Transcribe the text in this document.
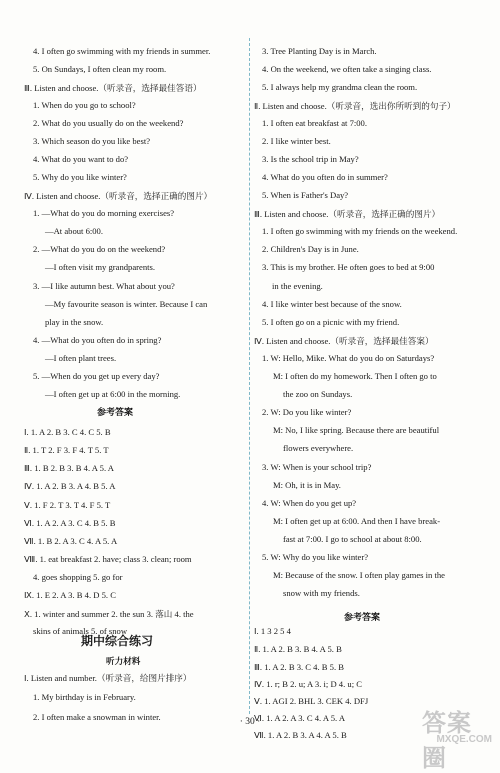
4. I often go swimming with my friends in summer.
5. On Sundays, I often clean my room.
Ⅲ. Listen and choose.（听录音，选择最佳答语）
1. When do you go to school?
2. What do you usually do on the weekend?
3. Which season do you like best?
4. What do you want to do?
5. Why do you like winter?
Ⅳ. Listen and choose.（听录音，选择正确的图片）
1. —What do you do morning exercises?
—At about 6:00.
2. —What do you do on the weekend?
—I often visit my grandparents.
3. —I like autumn best. What about you?
—My favourite season is winter. Because I can
play in the snow.
4. —What do you often do in spring?
—I often plant trees.
5. —When do you get up every day?
—I often get up at 6:00 in the morning.
Ⅰ. 1. A 2. B 3. C 4. C 5. B
Ⅱ. 1. T 2. F 3. F 4. T 5. T
Ⅲ. 1. B 2. B 3. B 4. A 5. A
Ⅳ. 1. A 2. B 3. A 4. B 5. A
Ⅴ. 1. F 2. T 3. T 4. F 5. T
Ⅵ. 1. A 2. A 3. C 4. B 5. B
Ⅶ. 1. B 2. A 3. C 4. A 5. A
Ⅷ. 1. eat breakfast 2. have; class 3. clean; room
4. goes shopping 5. go for
Ⅸ. 1. E 2. A 3. B 4. D 5. C
Ⅹ. 1. winter and summer 2. the sun 3. 落山 4. the
skins of animals 5. of snow
3. Tree Planting Day is in March.
4. On the weekend, we often take a singing class.
5. I always help my grandma clean the room.
Ⅱ. Listen and choose.（听录音，选出你所听到的句子）
1. I often eat breakfast at 7:00.
2. I like winter best.
3. Is the school trip in May?
4. What do you often do in summer?
5. When is Father's Day?
Ⅲ. Listen and choose.（听录音，选择正确的图片）
1. I often go swimming with my friends on the weekend.
2. Children's Day is in June.
3. This is my brother. He often goes to bed at 9:00
in the evening.
4. I like winter best because of the snow.
5. I often go on a picnic with my friend.
Ⅳ. Listen and choose.（听录音，选择最佳答案）
1. W: Hello, Mike. What do you do on Saturdays?
M: I often do my homework. Then I often go to
the zoo on Sundays.
2. W: Do you like winter?
M: No, I like spring. Because there are beautiful
flowers everywhere.
3. W: When is your school trip?
M: Oh, it is in May.
4. W: When do you get up?
M: I often get up at 6:00. And then I have break-
fast at 7:00. I go to school at about 8:00.
5. W: Why do you like winter?
M: Because of the snow. I often play games in the
snow with my friends.
Ⅰ. 1 3 2 5 4
Ⅱ. 1. A 2. B 3. B 4. A 5. B
Ⅲ. 1. A 2. B 3. C 4. B 5. B
Ⅳ. 1. r; B 2. u; A 3. i; D 4. u; C
Ⅴ. 1. AGI 2. BHL 3. CEK 4. DFJ
Ⅵ. 1. A 2. A 3. C 4. A 5. A
Ⅶ. 1. A 2. B 3. A 4. A 5. B
Ⅰ. Listen and number.（听录音，给图片排序）
1. My birthday is in February.
2. I often make a snowman in winter.
参考答案
期中综合练习
听力材料
参考答案
· 30 ·	答案圈
MXQE.COM
